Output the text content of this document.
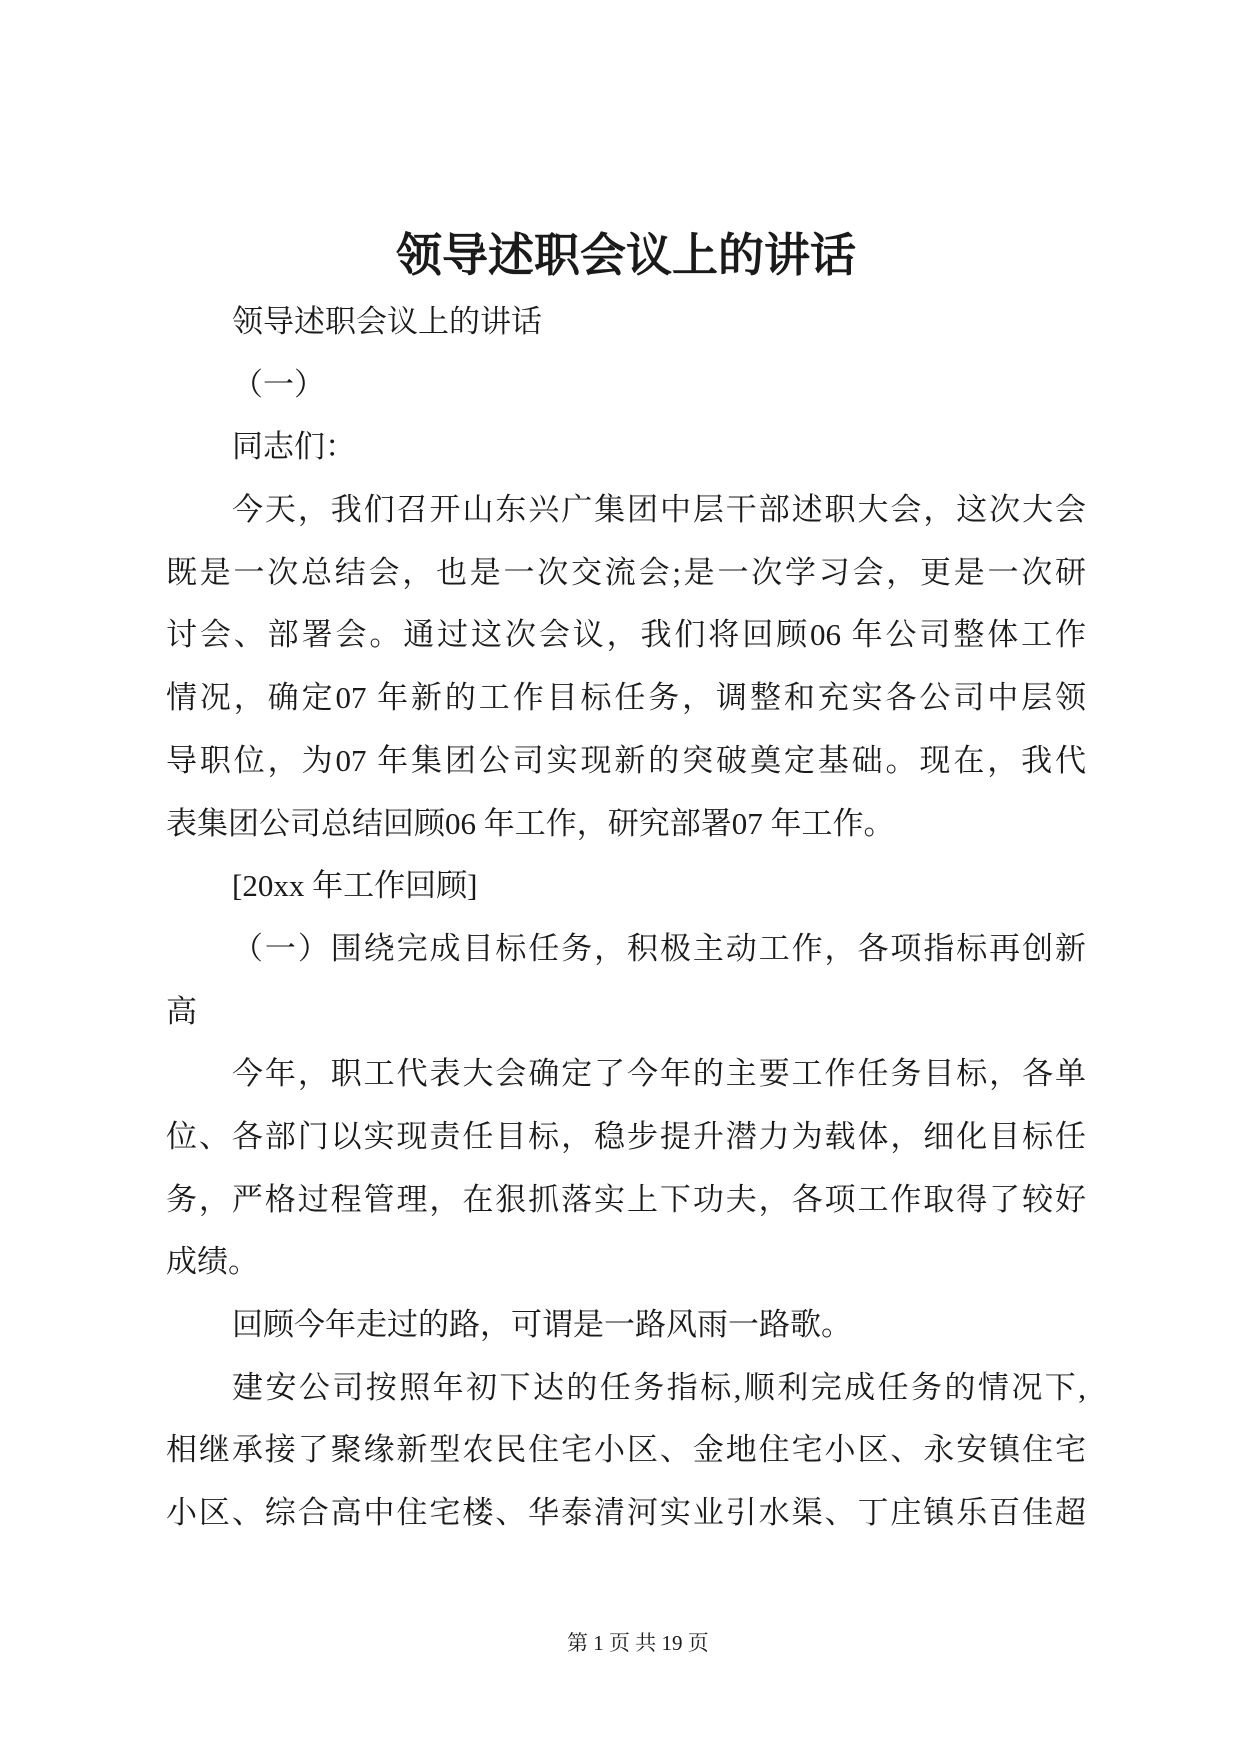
领导述职会议上的讲话
领导述职会议上的讲话
（一）
同志们：
今天，我们召开山东兴广集团中层干部述职大会，这次大会
既是一次总结会，也是一次交流会;是一次学习会，更是一次研
讨会、部署会。通过这次会议，我们将回顾06 年公司整体工作
情况，确定07 年新的工作目标任务，调整和充实各公司中层领
导职位，为07 年集团公司实现新的突破奠定基础。现在，我代
表集团公司总结回顾06 年工作，研究部署07 年工作。
[20xx 年工作回顾]
（一）围绕完成目标任务，积极主动工作，各项指标再创新
高
今年，职工代表大会确定了今年的主要工作任务目标，各单
位、各部门以实现责任目标，稳步提升潜力为载体，细化目标任
务，严格过程管理，在狠抓落实上下功夫，各项工作取得了较好
成绩。
回顾今年走过的路，可谓是一路风雨一路歌。
建安公司按照年初下达的任务指标,顺利完成任务的情况下,
相继承接了聚缘新型农民住宅小区、金地住宅小区、永安镇住宅
小区、综合高中住宅楼、华泰清河实业引水渠、丁庄镇乐百佳超
第 1 页 共 19 页
